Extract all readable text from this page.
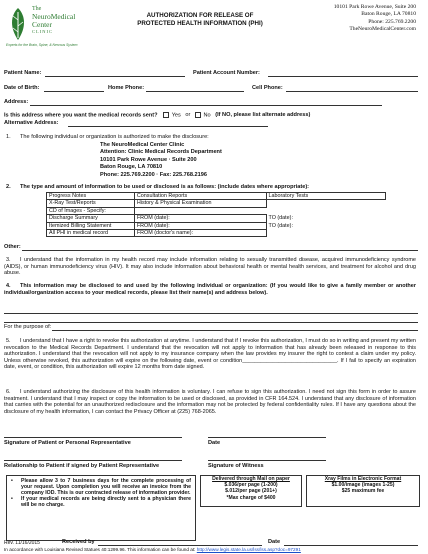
The
NeuroMedical
Center
CLINIC
Experts for the Brain, Spine, & Nervous System
AUTHORIZATION FOR RELEASE OF
PROTECTED HEALTH INFORMATION (PHI)
10101 Park Rowe Avenue, Suite 200
Baton Rouge, LA 70810
Phone: 225.769.2200
TheNeuroMedicalCenter.com
Patient Name:	Patient Account Number:
Date of Birth:	Home Phone:	Cell Phone:
Address:
Is this address where you want the medical records sent?	Yes or No (If NO, please list alternate address)
Alternative Address:
1. The following individual or organization is authorized to make the disclosure:
The NeuroMedical Center Clinic
Attention: Clinic Medical Records Department
10101 Park Rowe Avenue · Suite 200
Baton Rouge, LA 70810
Phone: 225.769.2200 · Fax: 225.768.2196
2. The type and amount of information to be used or disclosed is as follows: (include dates where appropriate):
Progress Notes	Consultation Reports	Laboratory Tests
X-Ray Test/Reports	History & Physical Examination	
CD of Images - Specify:		
Discharge Summary	FROM (date):	TO (date):
Itemized Billing Statement	FROM (date):	TO (date):
All PHI in medical record	FROM (doctor's name):	
Other:
3.	I understand that the information in my health record may include information relating to sexually transmitted disease, acquired immunodeficiency syndrome (AIDS), or human immunodeficiency virus (HIV). It may also include information about behavioral health or mental health services, and treatment for alcohol and drug abuse.
4.	This information may be disclosed to and used by the following individual or organization: (If you would like to give a family member or another individual/organization access to your medical records, please list their name(s) and address below).
For the purpose of:
5.	I understand that I have a right to revoke this authorization at anytime. I understand that if I revoke this authorization, I must do so in writing and present my written revocation to the Medical Records Department. I understand that the revocation will not apply to information that has already been released in response to this authorization. I understand that the revocation will not apply to my insurance company when the law provides my insurer the right to contest a claim under my policy. Unless otherwise revoked, this authorization will expire on the following date, event or condition_______________________________. If I fail to specify an expiration date, event, or condition, this authorization will expire 12 months from date signed.
6.	I understand authorizing the disclosure of this health information is voluntary. I can refuse to sign this authorization. I need not sign this form in order to assure treatment. I understand that I may inspect or copy the information to be used or disclosed, as provided in CFR 164.524. I understand that any disclosure of information that carries with the potential for an unauthorized redisclosure and the information may not be protected by federal confidentiality rules. If I have any questions about the disclosure of my health information, I can contact the Privacy Officer at (225) 768-2065.
Signature of Patient or Personal Representative	Date
Relationship to Patient if signed by Patient Representative	Signature of Witness
•	Please allow 3 to 7 business days for the complete processing of your request. Upon completion you will receive an invoice from the company IOD. This is our contracted release of information provider.
•	If your medical records are being directly sent to a physician there will be no charge.
Delivered through Mail on paper
$.036/per page (1-200)
$.012/per page (201+)
*Max charge of $400
Xray Films in Electronic Format
$1.00/image (images 1-25)
$25 maximum fee
Rev. 11/16/2015	Received by	Date
In accordance with Louisiana Revised Statues 40:1299.96. This information can be found at: http://www.legis.state.la.us/lss/lss.asp?doc=97291
